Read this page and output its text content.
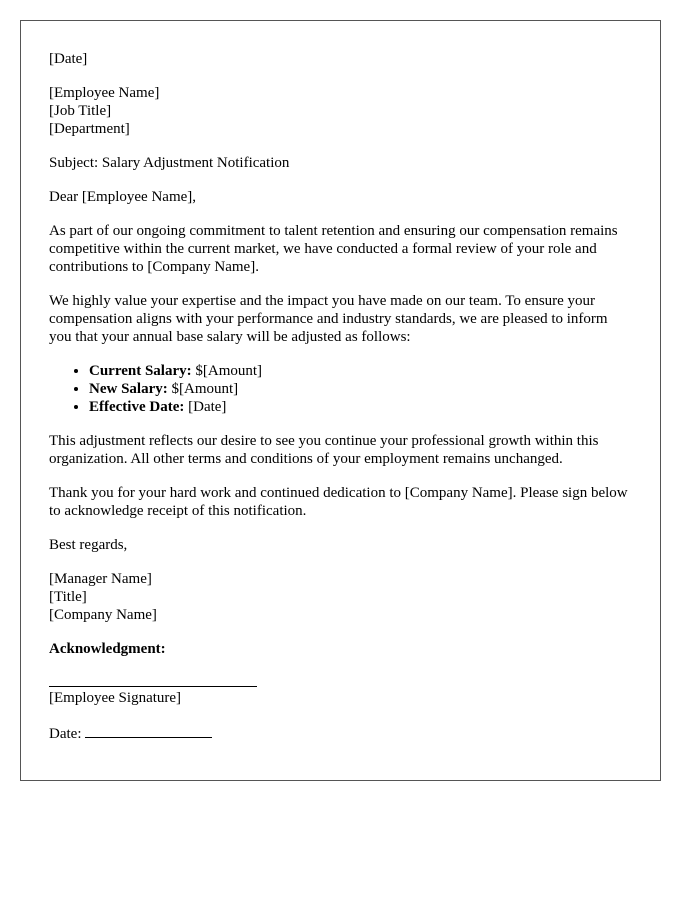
[Date]
[Employee Name]
[Job Title]
[Department]
Subject: Salary Adjustment Notification
Dear [Employee Name],

As part of our ongoing commitment to talent retention and ensuring our compensation remains competitive within the current market, we have conducted a formal review of your role and contributions to [Company Name].

We highly value your expertise and the impact you have made on our team. To ensure your compensation aligns with your performance and industry standards, we are pleased to inform you that your annual base salary will be adjusted as follows:

• Current Salary: $[Amount]
• New Salary: $[Amount]
• Effective Date: [Date]

This adjustment reflects our desire to see you continue your professional growth within this organization. All other terms and conditions of your employment remains unchanged.

Thank you for your hard work and continued dedication to [Company Name]. Please sign below to acknowledge receipt of this notification.

Best regards,
[Manager Name]
[Title]
[Company Name]
Acknowledgment:
[Employee Signature]
Date:
